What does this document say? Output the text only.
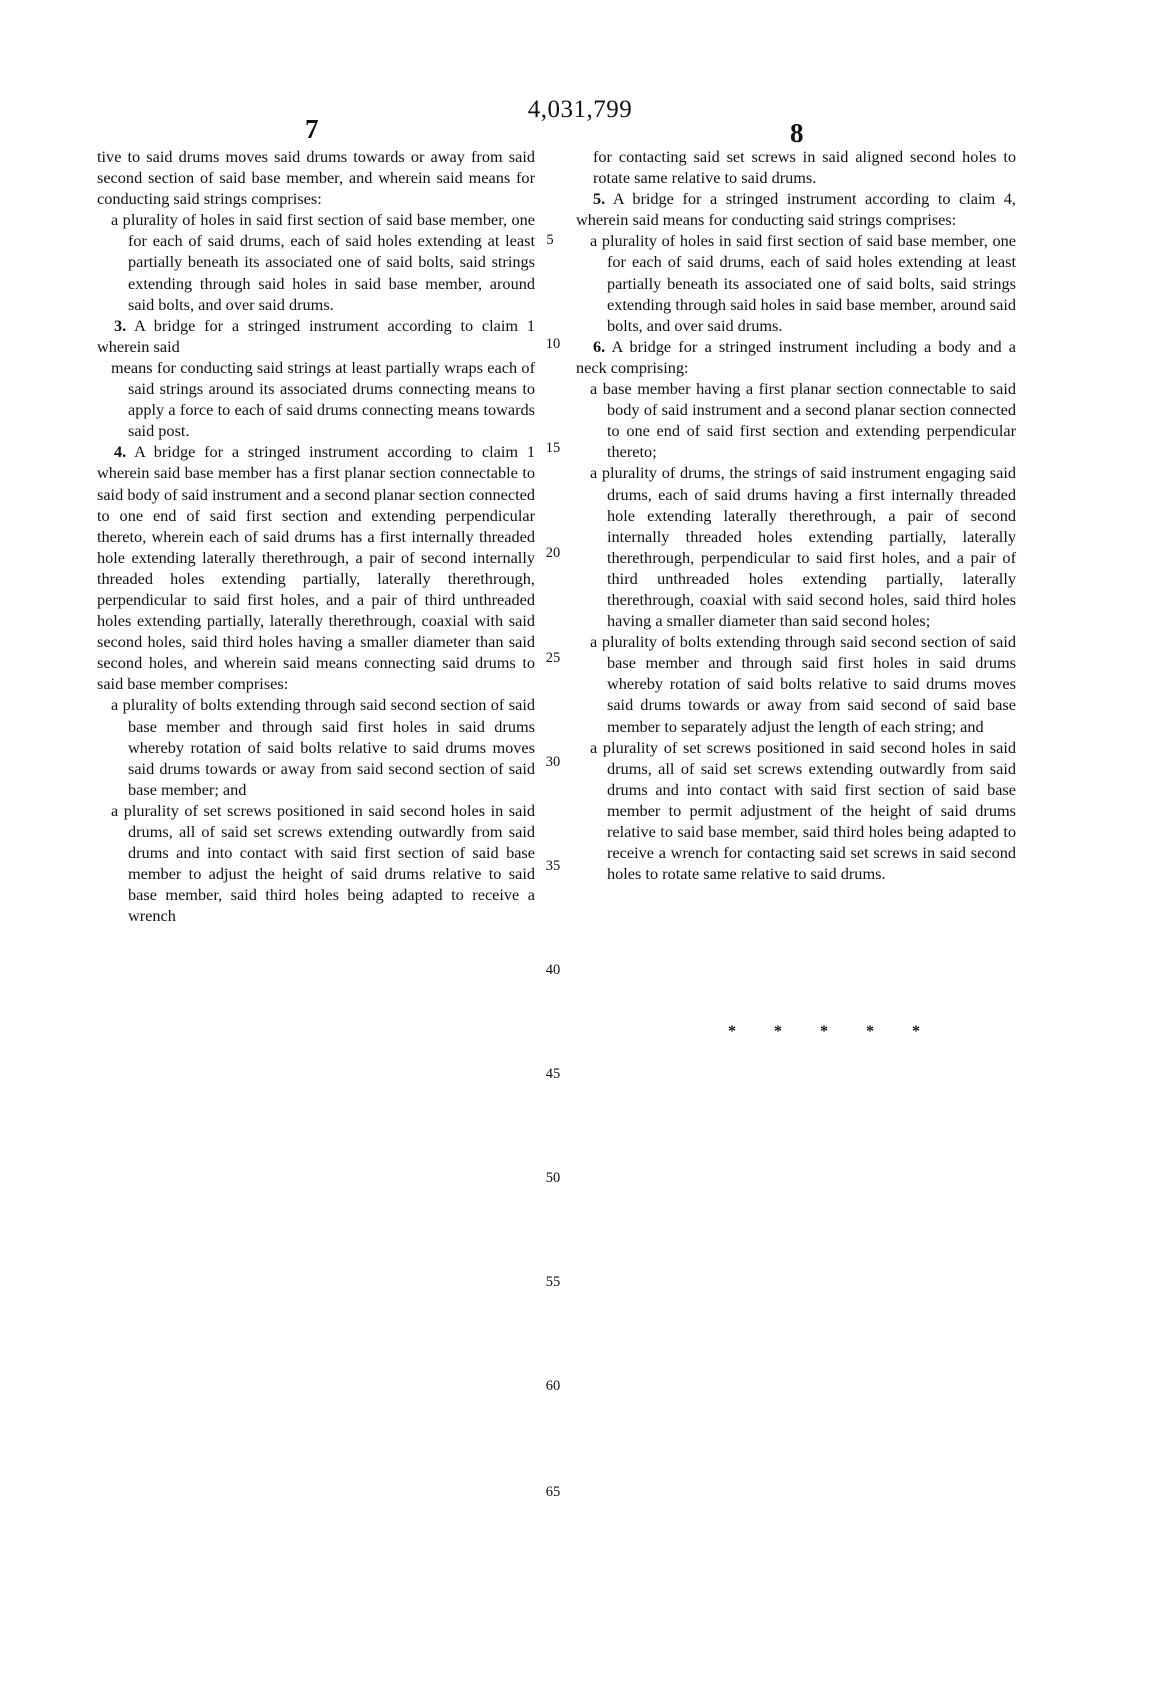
4,031,799
7	8

tive to said drums moves said drums towards or away from said second section of said base member, and wherein said means for conducting said strings comprises:

a plurality of holes in said first section of said base member, one for each of said drums, each of said holes extending at least partially beneath its associated one of said bolts, said strings extending through said holes in said base member, around said bolts, and over said drums.

3. A bridge for a stringed instrument according to claim 1 wherein said

means for conducting said strings at least partially wraps each of said strings around its associated drums connecting means to apply a force to each of said drums connecting means towards said post.

4. A bridge for a stringed instrument according to claim 1 wherein said base member has a first planar section connectable to said body of said instrument and a second planar section connected to one end of said first section and extending perpendicular thereto, wherein each of said drums has a first internally threaded hole extending laterally therethrough, a pair of second internally threaded holes extending partially, laterally therethrough, perpendicular to said first holes, and a pair of third unthreaded holes extending partially, laterally therethrough, coaxial with said second holes, said third holes having a smaller diameter than said second holes, and wherein said means connecting said drums to said base member comprises:

a plurality of bolts extending through said second section of said base member and through said first holes in said drums whereby rotation of said bolts relative to said drums moves said drums towards or away from said second section of said base member; and

a plurality of set screws positioned in said second holes in said drums, all of said set screws extending outwardly from said drums and into contact with said first section of said base member to adjust the height of said drums relative to said base member, said third holes being adapted to receive a wrench

for contacting said set screws in said aligned second holes to rotate same relative to said drums.

5. A bridge for a stringed instrument according to claim 4, wherein said means for conducting said strings comprises:

a plurality of holes in said first section of said base member, one for each of said drums, each of said holes extending at least partially beneath its associated one of said bolts, said strings extending through said holes in said base member, around said bolts, and over said drums.

6. A bridge for a stringed instrument including a body and a neck comprising:

a base member having a first planar section connectable to said body of said instrument and a second planar section connected to one end of said first section and extending perpendicular thereto;

a plurality of drums, the strings of said instrument engaging said drums, each of said drums having a first internally threaded hole extending laterally therethrough, a pair of second internally threaded holes extending partially, laterally therethrough, perpendicular to said first holes, and a pair of third unthreaded holes extending partially, laterally therethrough, coaxial with said second holes, said third holes having a smaller diameter than said second holes;

a plurality of bolts extending through said second section of said base member and through said first holes in said drums whereby rotation of said bolts relative to said drums moves said drums towards or away from said second of said base member to separately adjust the length of each string; and

a plurality of set screws positioned in said second holes in said drums, all of said set screws extending outwardly from said drums and into contact with said first section of said base member to permit adjustment of the height of said drums relative to said base member, said third holes being adapted to receive a wrench for contacting said set screws in said second holes to rotate same relative to said drums.

* * * * *
5
10
15
20
25
30
35
40
45
50
55
60
65
